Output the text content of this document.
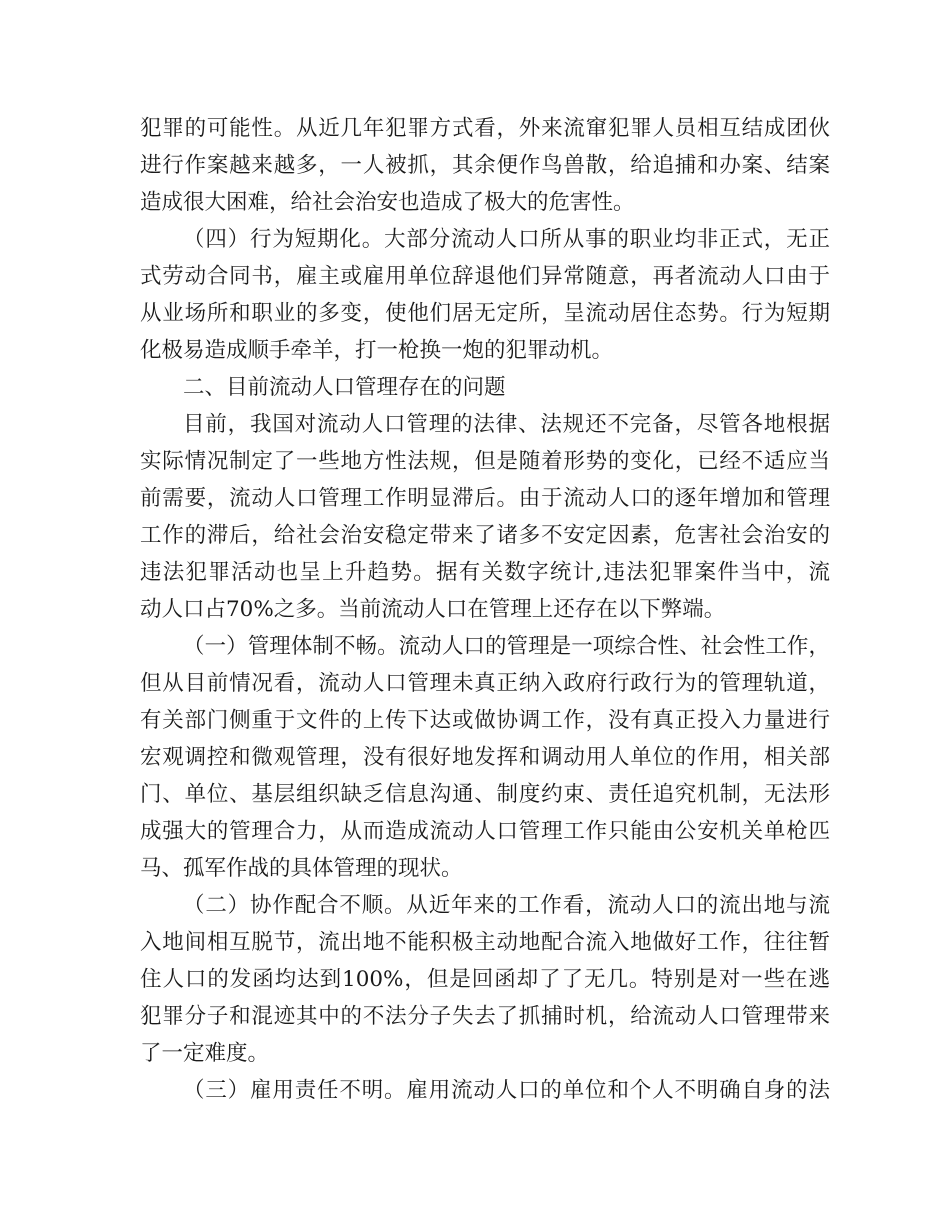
犯罪的可能性。从近几年犯罪方式看，外来流窜犯罪人员相互结成团伙
进行作案越来越多，一人被抓，其余便作鸟兽散，给追捕和办案、结案
造成很大困难，给社会治安也造成了极大的危害性。
（四）行为短期化。大部分流动人口所从事的职业均非正式，无正
式劳动合同书，雇主或雇用单位辞退他们异常随意，再者流动人口由于
从业场所和职业的多变，使他们居无定所，呈流动居住态势。行为短期
化极易造成顺手牵羊，打一枪换一炮的犯罪动机。
二、目前流动人口管理存在的问题
目前，我国对流动人口管理的法律、法规还不完备，尽管各地根据
实际情况制定了一些地方性法规，但是随着形势的变化，已经不适应当
前需要，流动人口管理工作明显滞后。由于流动人口的逐年增加和管理
工作的滞后，给社会治安稳定带来了诸多不安定因素，危害社会治安的
违法犯罪活动也呈上升趋势。据有关数字统计,违法犯罪案件当中，流
动人口占70%之多。当前流动人口在管理上还存在以下弊端。
（一）管理体制不畅。流动人口的管理是一项综合性、社会性工作，
但从目前情况看，流动人口管理未真正纳入政府行政行为的管理轨道，
有关部门侧重于文件的上传下达或做协调工作，没有真正投入力量进行
宏观调控和微观管理，没有很好地发挥和调动用人单位的作用，相关部
门、单位、基层组织缺乏信息沟通、制度约束、责任追究机制，无法形
成强大的管理合力，从而造成流动人口管理工作只能由公安机关单枪匹
马、孤军作战的具体管理的现状。
（二）协作配合不顺。从近年来的工作看，流动人口的流出地与流
入地间相互脱节，流出地不能积极主动地配合流入地做好工作，往往暂
住人口的发函均达到100%，但是回函却了了无几。特别是对一些在逃
犯罪分子和混迹其中的不法分子失去了抓捕时机，给流动人口管理带来
了一定难度。
（三）雇用责任不明。雇用流动人口的单位和个人不明确自身的法
